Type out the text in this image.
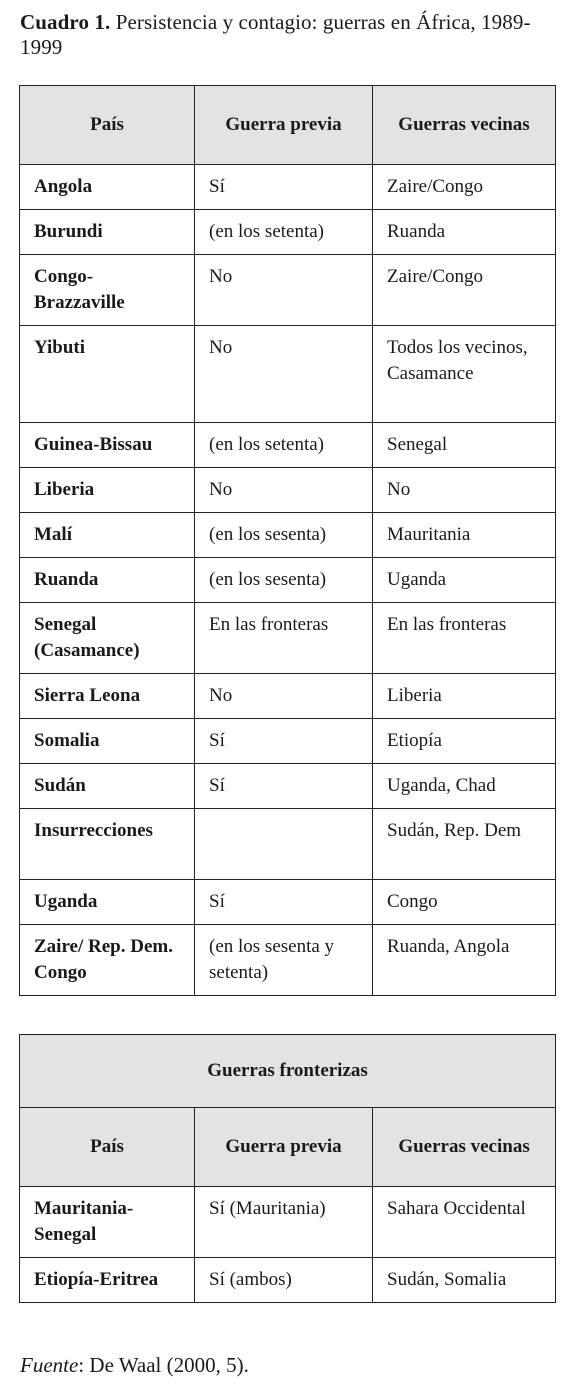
Cuadro 1. Persistencia y contagio: guerras en África, 1989-1999
País	Guerra previa	Guerras vecinas
Angola	Sí	Zaire/Congo
Burundi	(en los setenta)	Ruanda
Congo-Brazzaville	No	Zaire/Congo
Yibuti	No	Todos los vecinos, Casamance
Guinea-Bissau	(en los setenta)	Senegal
Liberia	No	No
Malí	(en los sesenta)	Mauritania
Ruanda	(en los sesenta)	Uganda
Senegal (Casamance)	En las fronteras	En las fronteras
Sierra Leona	No	Liberia
Somalia	Sí	Etiopía
Sudán	Sí	Uganda, Chad
Insurrecciones		Sudán, Rep. Dem
Uganda	Sí	Congo
Zaire/ Rep. Dem. Congo	(en los sesenta y setenta)	Ruanda, Angola
Guerras fronterizas		
País	Guerra previa	Guerras vecinas
Mauritania-Senegal	Sí (Mauritania)	Sahara Occidental
Etiopía-Eritrea	Sí (ambos)	Sudán, Somalia
Fuente: De Waal (2000, 5).
